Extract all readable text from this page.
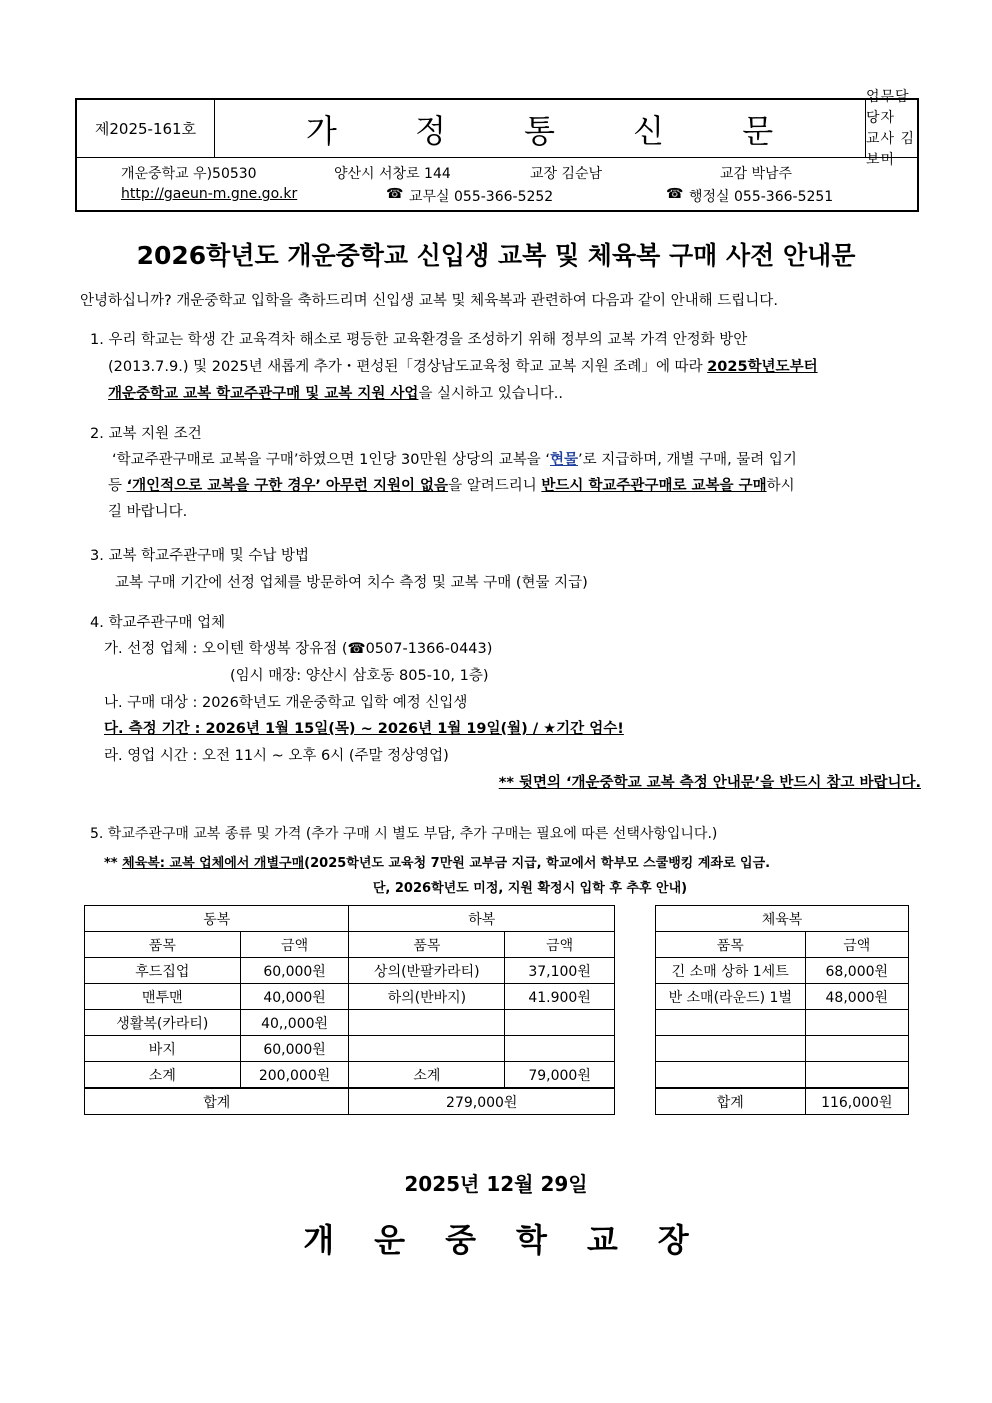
제2025-161호	가 정 통 신 문
업무담당자
교사 김보미
개운중학교 우)50530	양산시 서창로 144	교장 김순남	교감 박남주
http://gaeun-m.gne.go.kr	☎ 교무실 055-366-5252	☎ 행정실 055-366-5251
2026학년도 개운중학교 신입생 교복 및 체육복 구매 사전 안내문
안녕하십니까? 개운중학교 입학을 축하드리며 신입생 교복 및 체육복과 관련하여 다음과 같이 안내해 드립니다.
1. 우리 학교는 학생 간 교육격차 해소로 평등한 교육환경을 조성하기 위해 정부의 교복 가격 안정화 방안
(2013.7.9.) 및 2025년 새롭게 추가・편성된「경상남도교육청 학교 교복 지원 조례」에 따라 2025학년도부터
개운중학교 교복 학교주관구매 및 교복 지원 사업을 실시하고 있습니다..
2. 교복 지원 조건
‘학교주관구매로 교복을 구매’하였으면 1인당 30만원 상당의 교복을 ‘현물’로 지급하며, 개별 구매, 물려 입기
등 ‘개인적으로 교복을 구한 경우’ 아무런 지원이 없음을 알려드리니 반드시 학교주관구매로 교복을 구매하시
길 바랍니다.
3. 교복 학교주관구매 및 수납 방법
교복 구매 기간에 선정 업체를 방문하여 치수 측정 및 교복 구매 (현물 지급)
4. 학교주관구매 업체
가. 선정 업체 : 오이텐 학생복 장유점 (☎0507-1366-0443)
(임시 매장: 양산시 삼호동 805-10, 1층)
나. 구매 대상 : 2026학년도 개운중학교 입학 예정 신입생
다. 측정 기간 : 2026년 1월 15일(목) ~ 2026년 1월 19일(월) / ★기간 엄수!
라. 영업 시간 : 오전 11시 ~ 오후 6시 (주말 정상영업)
** 뒷면의 ‘개운중학교 교복 측정 안내문’을 반드시 참고 바랍니다.
5. 학교주관구매 교복 종류 및 가격 (추가 구매 시 별도 부담, 추가 구매는 필요에 따른 선택사항입니다.)
** 체육복: 교복 업체에서 개별구매(2025학년도 교육청 7만원 교부금 지급, 학교에서 학부모 스쿨뱅킹 계좌로 입금.
단, 2026학년도 미정, 지원 확정시 입학 후 추후 안내)
동복		하복	
품목	금액	품목	금액
후드집업	60,000원	상의(반팔카라티)	37,100원
맨투맨	40,000원	하의(반바지)	41.900원
생활복(카라티)	40,,000원		
바지	60,000원		
소계	200,000원	소계	79,000원
합계		279,000원	
체육복	
품목	금액
긴 소매 상하 1세트	68,000원
반 소매(라운드) 1벌	48,000원

합계	116,000원
2025년 12월 29일
개운중학교장
